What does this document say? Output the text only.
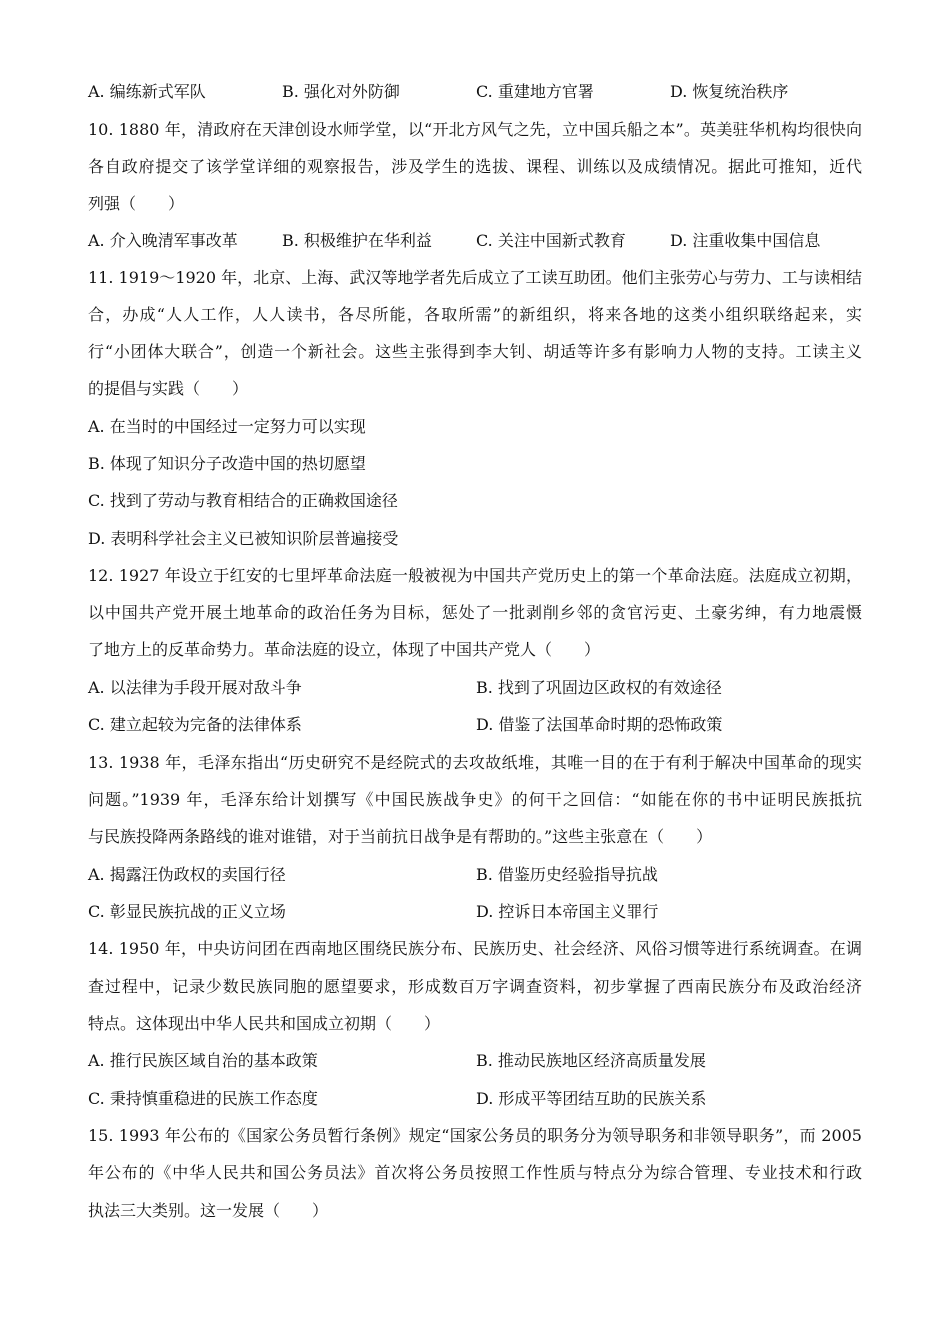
A. 编练新式军队	B. 强化对外防御	C. 重建地方官署	D. 恢复统治秩序
10. 1880 年，清政府在天津创设水师学堂，以“开北方风气之先，立中国兵船之本”。英美驻华机构均很快向
各自政府提交了该学堂详细的观察报告，涉及学生的选拔、课程、训练以及成绩情况。据此可推知，近代
列强（　　）
A. 介入晚清军事改革	B. 积极维护在华利益	C. 关注中国新式教育	D. 注重收集中国信息
11. 1919～1920 年，北京、上海、武汉等地学者先后成立了工读互助团。他们主张劳心与劳力、工与读相结
合，办成“人人工作，人人读书，各尽所能，各取所需”的新组织，将来各地的这类小组织联络起来，实
行“小团体大联合”，创造一个新社会。这些主张得到李大钊、胡适等许多有影响力人物的支持。工读主义
的提倡与实践（　　）
A. 在当时的中国经过一定努力可以实现
B. 体现了知识分子改造中国的热切愿望
C. 找到了劳动与教育相结合的正确救国途径
D. 表明科学社会主义已被知识阶层普遍接受
12. 1927 年设立于红安的七里坪革命法庭一般被视为中国共产党历史上的第一个革命法庭。法庭成立初期，
以中国共产党开展土地革命的政治任务为目标，惩处了一批剥削乡邻的贪官污吏、土豪劣绅，有力地震慑
了地方上的反革命势力。革命法庭的设立，体现了中国共产党人（　　）
A. 以法律为手段开展对敌斗争	B. 找到了巩固边区政权的有效途径
C. 建立起较为完备的法律体系	D. 借鉴了法国革命时期的恐怖政策
13. 1938 年，毛泽东指出“历史研究不是经院式的去攻故纸堆，其唯一目的在于有利于解决中国革命的现实
问题。”1939 年，毛泽东给计划撰写《中国民族战争史》的何干之回信：“如能在你的书中证明民族抵抗
与民族投降两条路线的谁对谁错，对于当前抗日战争是有帮助的。”这些主张意在（　　）
A. 揭露汪伪政权的卖国行径	B. 借鉴历史经验指导抗战
C. 彰显民族抗战的正义立场	D. 控诉日本帝国主义罪行
14. 1950 年，中央访问团在西南地区围绕民族分布、民族历史、社会经济、风俗习惯等进行系统调查。在调
查过程中，记录少数民族同胞的愿望要求，形成数百万字调查资料，初步掌握了西南民族分布及政治经济
特点。这体现出中华人民共和国成立初期（　　）
A. 推行民族区域自治的基本政策	B. 推动民族地区经济高质量发展
C. 秉持慎重稳进的民族工作态度	D. 形成平等团结互助的民族关系
15. 1993 年公布的《国家公务员暂行条例》规定“国家公务员的职务分为领导职务和非领导职务”，而 2005
年公布的《中华人民共和国公务员法》首次将公务员按照工作性质与特点分为综合管理、专业技术和行政
执法三大类别。这一发展（　　）
